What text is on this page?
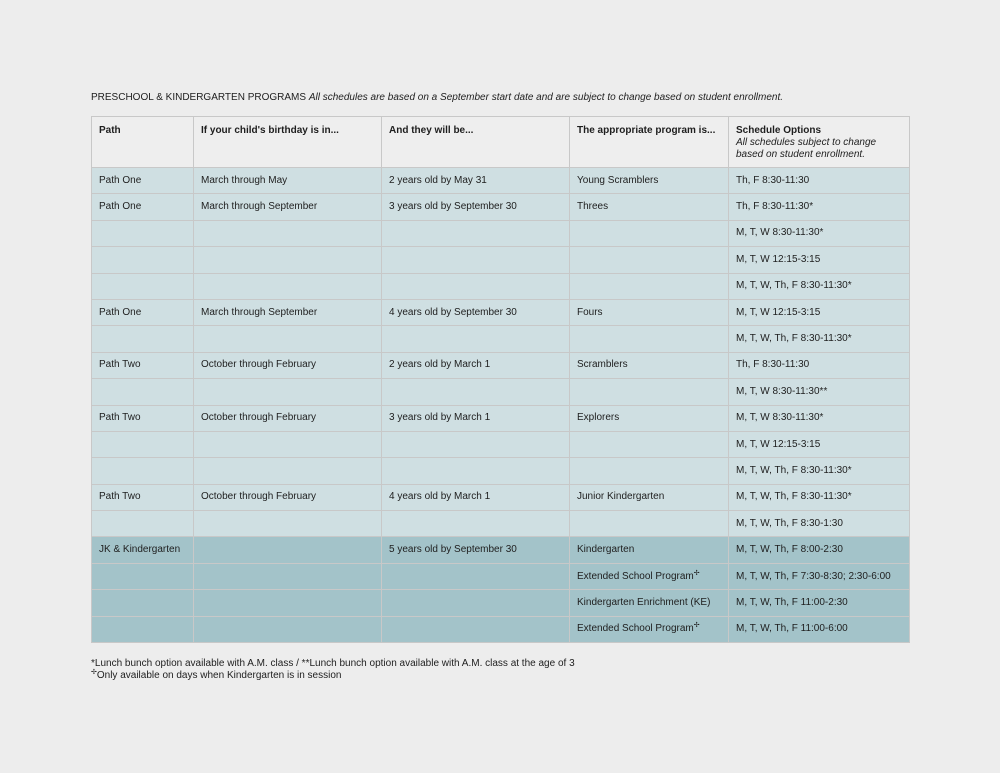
PRESCHOOL & KINDERGARTEN PROGRAMS All schedules are based on a September start date and are subject to change based on student enrollment.
Path	If your child's birthday is in...	And they will be...	The appropriate program is...	Schedule Options
All schedules subject to change based on student enrollment.

Path One	March through May	2 years old by May 31	Young Scramblers	Th, F 8:30-11:30
Path One	March through September	3 years old by September 30	Threes	Th, F 8:30-11:30*
				M, T, W 8:30-11:30*
				M, T, W 12:15-3:15
				M, T, W, Th, F 8:30-11:30*
Path One	March through September	4 years old by September 30	Fours	M, T, W 12:15-3:15
				M, T, W, Th, F 8:30-11:30*
Path Two	October through February	2 years old by March 1	Scramblers	Th, F 8:30-11:30
				M, T, W 8:30-11:30**
Path Two	October through February	3 years old by March 1	Explorers	M, T, W 8:30-11:30*
				M, T, W 12:15-3:15
				M, T, W, Th, F 8:30-11:30*
Path Two	October through February	4 years old by March 1	Junior Kindergarten	M, T, W, Th, F 8:30-11:30*
				M, T, W, Th, F 8:30-1:30
JK & Kindergarten		5 years old by September 30	Kindergarten	M, T, W, Th, F 8:00-2:30
			Extended School Program✢	M, T, W, Th, F 7:30-8:30; 2:30-6:00
			Kindergarten Enrichment (KE)	M, T, W, Th, F 11:00-2:30
			Extended School Program✢	M, T, W, Th, F 11:00-6:00
*Lunch bunch option available with A.M. class / **Lunch bunch option available with A.M. class at the age of 3
✢Only available on days when Kindergarten is in session
